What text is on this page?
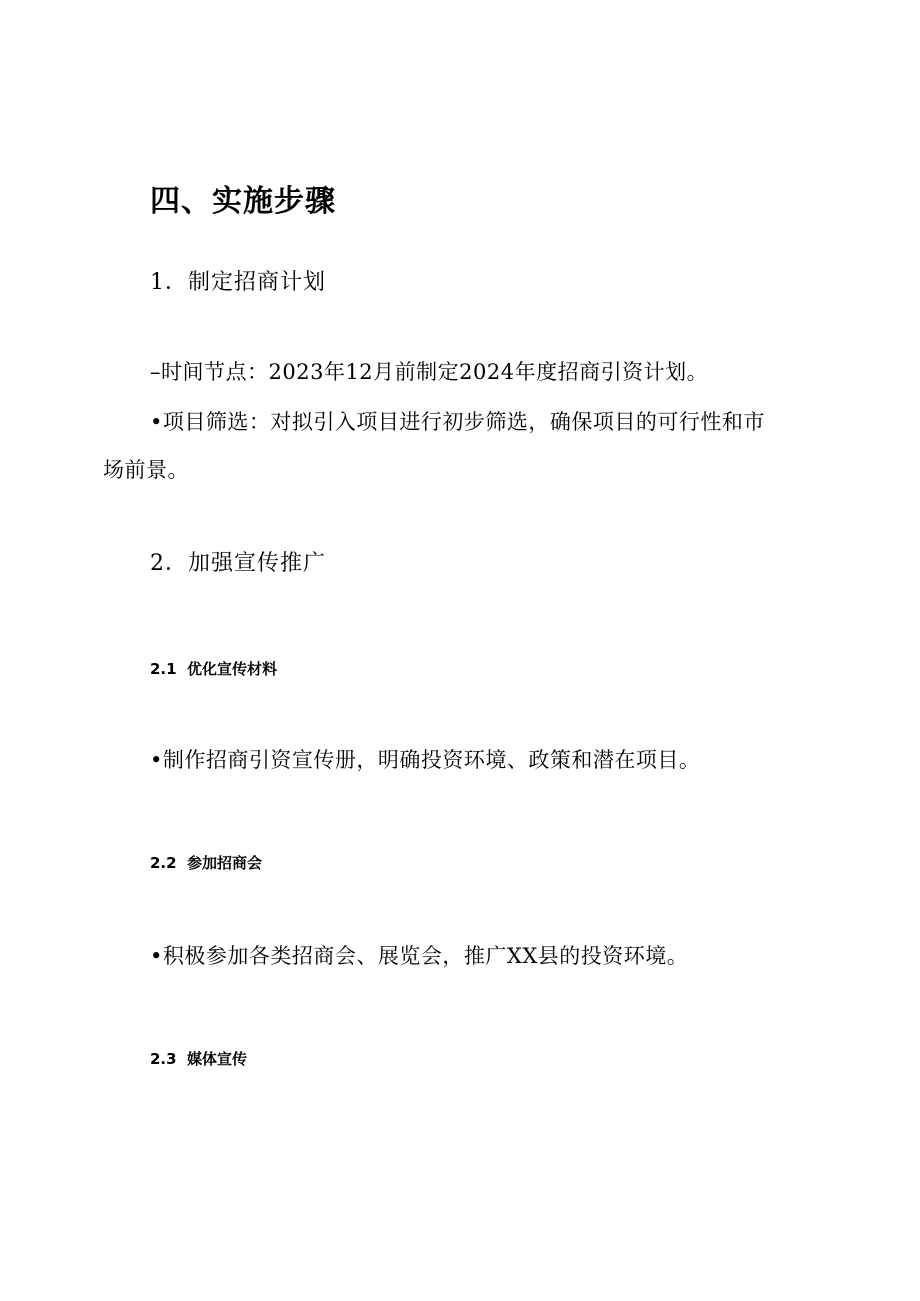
四、实施步骤
1．制定招商计划

–时间节点：2023年12月前制定2024年度招商引资计划。

•项目筛选：对拟引入项目进行初步筛选，确保项目的可行性和市

场前景。

2．加强宣传推广
2.1 优化宣传材料

•制作招商引资宣传册，明确投资环境、政策和潜在项目。

2.2 参加招商会

•积极参加各类招商会、展览会，推广XX县的投资环境。

2.3 媒体宣传
